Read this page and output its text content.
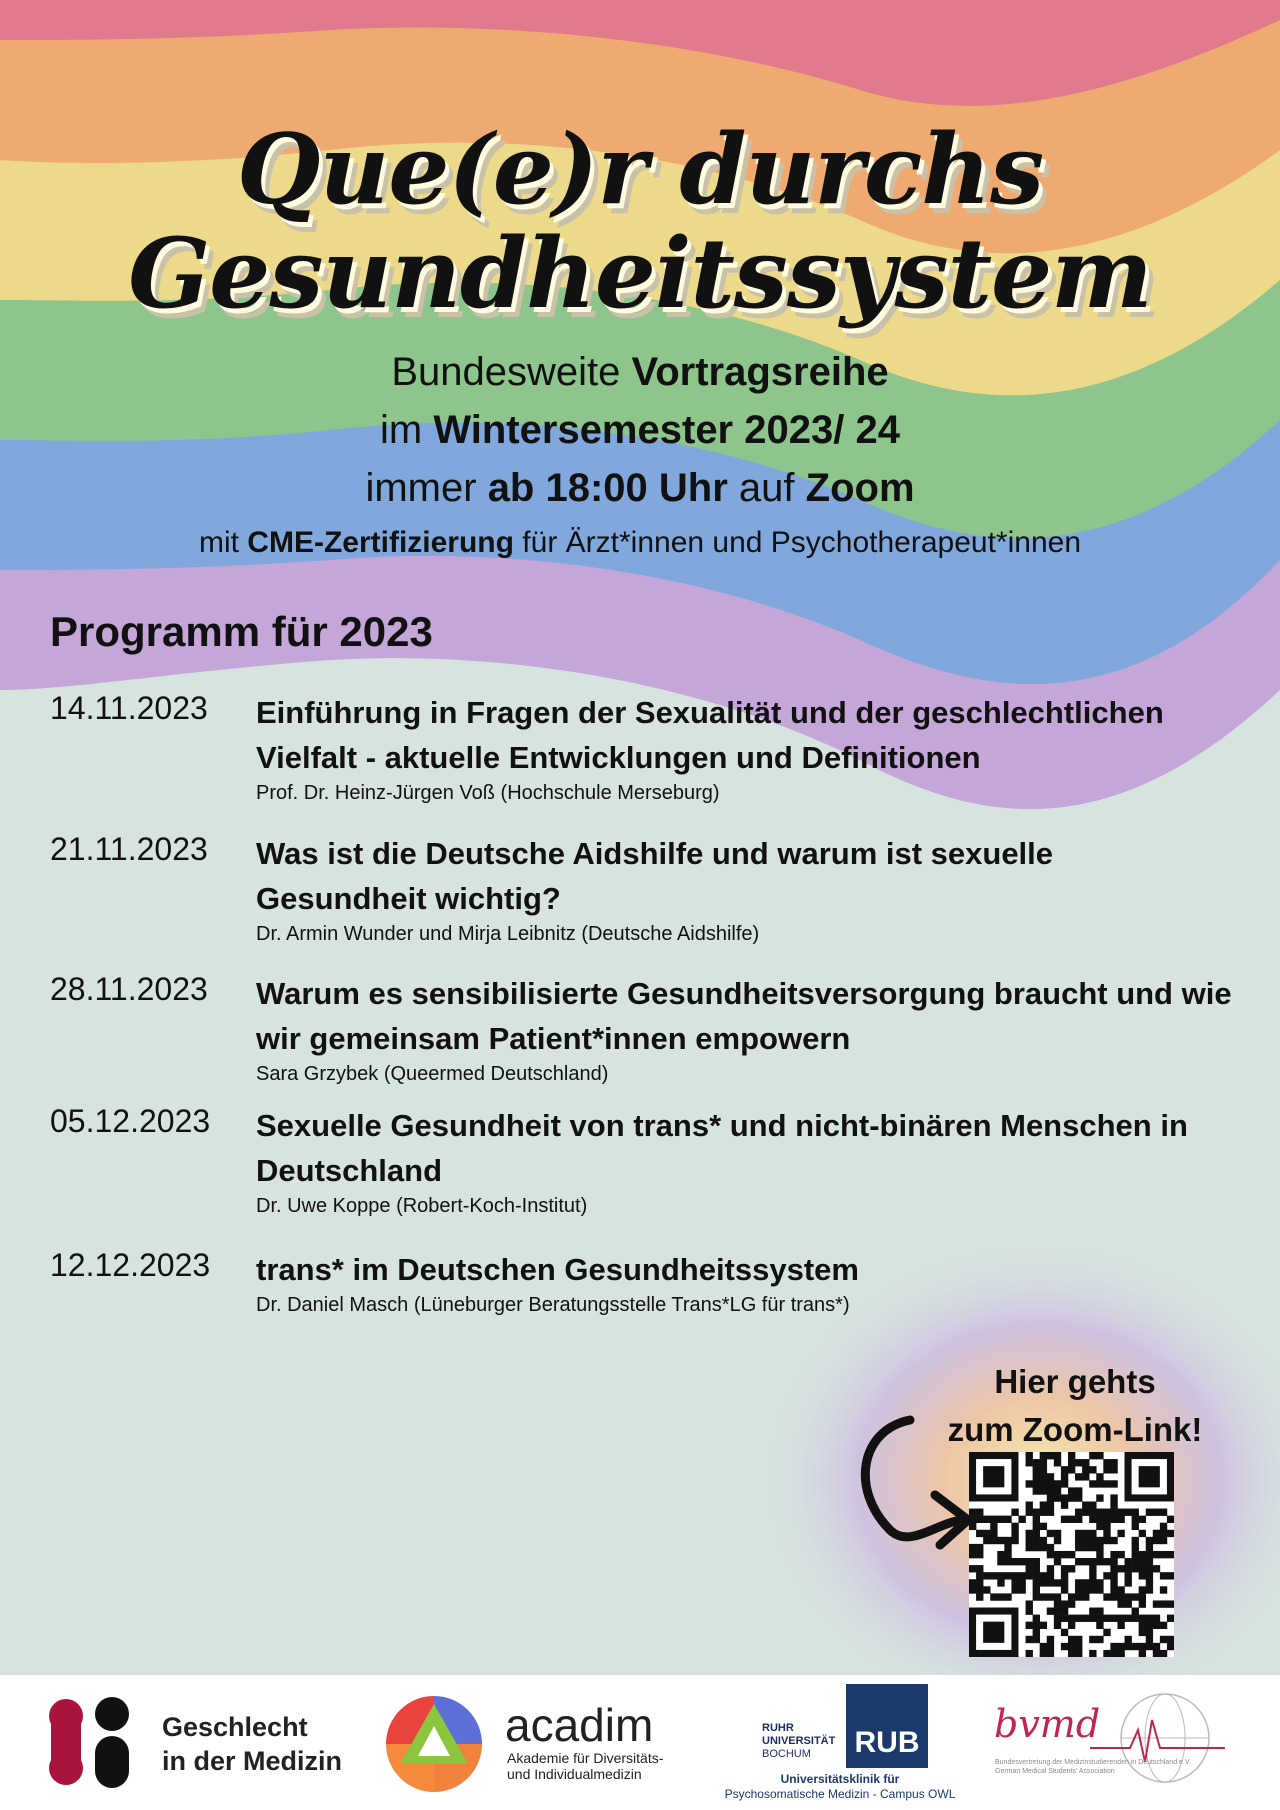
Que(e)r durchs
Gesundheitssystem
Bundesweite Vortragsreihe
im Wintersemester 2023/ 24
immer ab 18:00 Uhr auf Zoom
mit CME-Zertifizierung für Ärzt*innen und Psychotherapeut*innen
Programm für 2023
14.11.2023 Einführung in Fragen der Sexualität und der geschlechtlichen Vielfalt - aktuelle Entwicklungen und Definitionen
Prof. Dr. Heinz-Jürgen Voß (Hochschule Merseburg)
21.11.2023 Was ist die Deutsche Aidshilfe und warum ist sexuelle Gesundheit wichtig?
Dr. Armin Wunder und Mirja Leibnitz (Deutsche Aidshilfe)
28.11.2023 Warum es sensibilisierte Gesundheitsversorgung braucht und wie wir gemeinsam Patient*innen empowern
Sara Grzybek (Queermed Deutschland)
05.12.2023 Sexuelle Gesundheit von trans* und nicht-binären Menschen in Deutschland
Dr. Uwe Koppe (Robert-Koch-Institut)
12.12.2023 trans* im Deutschen Gesundheitssystem
Dr. Daniel Masch (Lüneburger Beratungsstelle Trans*LG für trans*)
Hier gehts
zum Zoom-Link!
Geschlecht
in der Medizin
acadim
Akademie für Diversitäts-
und Individualmedizin
RUHR
UNIVERSITÄT
BOCHUM	RUB
Universitätsklinik für
Psychosomatische Medizin - Campus OWL
bvmd
Bundesvertretung der Medizinstudierenden in Deutschland e.V.
German Medical Students' Association
